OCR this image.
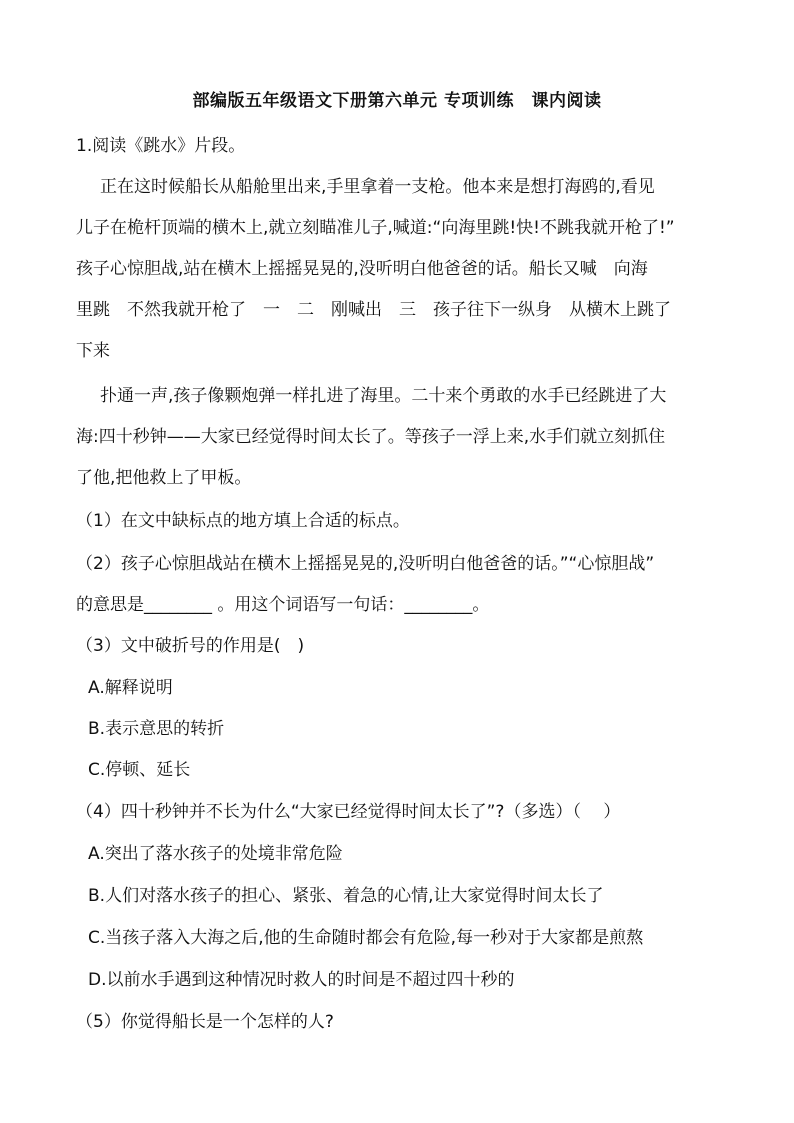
部编版五年级语文下册第六单元 专项训练　课内阅读
1.阅读《跳水》片段。
正在这时候船长从船舱里出来,手里拿着一支枪。他本来是想打海鸥的,看见
儿子在桅杆顶端的横木上,就立刻瞄准儿子,喊道:“向海里跳!快!不跳我就开枪了!”
孩子心惊胆战,站在横木上摇摇晃晃的,没听明白他爸爸的话。船长又喊　向海
里跳　不然我就开枪了　一　二　刚喊出　三　孩子往下一纵身　从横木上跳了
下来
扑通一声,孩子像颗炮弹一样扎进了海里。二十来个勇敢的水手已经跳进了大
海:四十秒钟——大家已经觉得时间太长了。等孩子一浮上来,水手们就立刻抓住
了他,把他救上了甲板。
（1）在文中缺标点的地方填上合适的标点。
（2）孩子心惊胆战站在横木上摇摇晃晃的,没听明白他爸爸的话。”“心惊胆战”
的意思是________ 。用这个词语写一句话：________。
（3）文中破折号的作用是(　)
A.解释说明
B.表示意思的转折
C.停顿、延长
（4）四十秒钟并不长为什么“大家已经觉得时间太长了”?（多选）（　 ）
A.突出了落水孩子的处境非常危险
B.人们对落水孩子的担心、紧张、着急的心情,让大家觉得时间太长了
C.当孩子落入大海之后,他的生命随时都会有危险,每一秒对于大家都是煎熬
D.以前水手遇到这种情况时救人的时间是不超过四十秒的
（5）你觉得船长是一个怎样的人?
